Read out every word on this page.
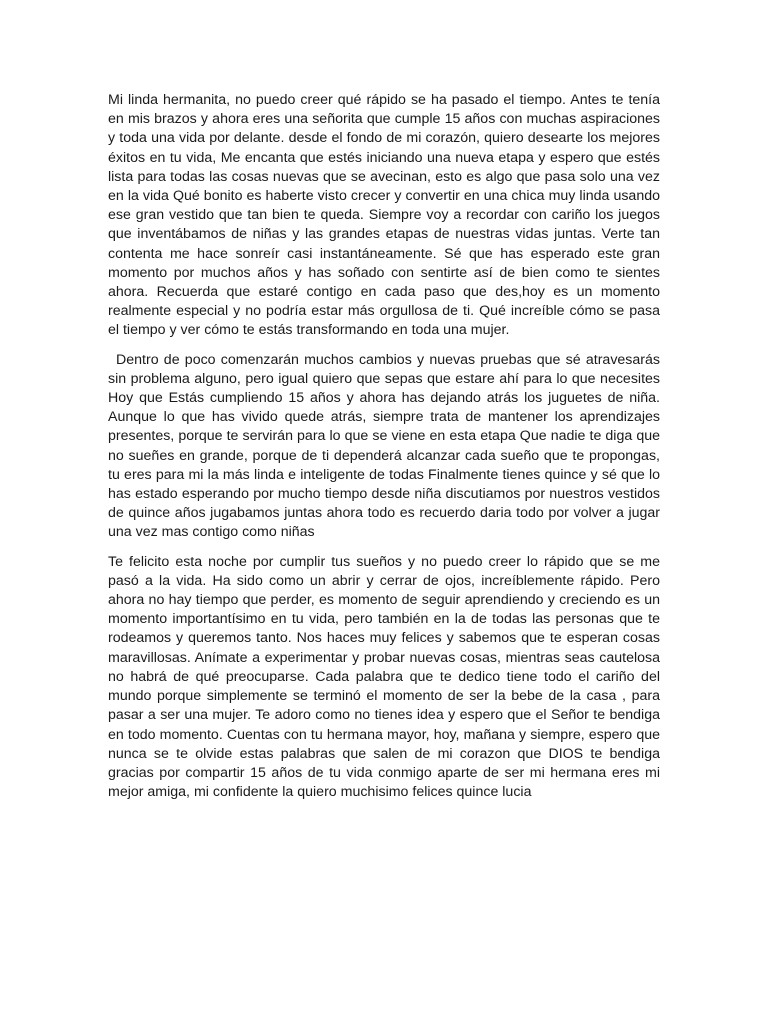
Mi linda hermanita, no puedo creer qué rápido se ha pasado el tiempo. Antes te tenía en mis brazos y ahora eres una señorita que cumple 15 años con muchas aspiraciones y toda una vida por delante. desde el fondo de mi corazón, quiero desearte los mejores éxitos en tu vida, Me encanta que estés iniciando una nueva etapa y espero que estés lista para todas las cosas nuevas que se avecinan, esto es algo que pasa solo una vez en la vida Qué bonito es haberte visto crecer y convertir en una chica muy linda usando ese gran vestido que tan bien te queda. Siempre voy a recordar con cariño los juegos que inventábamos de niñas y las grandes etapas de nuestras vidas juntas. Verte tan contenta me hace sonreír casi instantáneamente. Sé que has esperado este gran momento por muchos años y has soñado con sentirte así de bien como te sientes ahora. Recuerda que estaré contigo en cada paso que des,hoy es un momento realmente especial y no podría estar más orgullosa de ti. Qué increíble cómo se pasa el tiempo y ver cómo te estás transformando en toda una mujer.

Dentro de poco comenzarán muchos cambios y nuevas pruebas que sé atravesarás sin problema alguno, pero igual quiero que sepas que estare ahí para lo que necesites Hoy que Estás cumpliendo 15 años y ahora has dejando atrás los juguetes de niña. Aunque lo que has vivido quede atrás, siempre trata de mantener los aprendizajes presentes, porque te servirán para lo que se viene en esta etapa Que nadie te diga que no sueñes en grande, porque de ti dependerá alcanzar cada sueño que te propongas, tu eres para mi la más linda e inteligente de todas Finalmente tienes quince y sé que lo has estado esperando por mucho tiempo desde niña discutiamos por nuestros vestidos de quince años jugabamos juntas ahora todo es recuerdo daria todo por volver a jugar una vez mas contigo como niñas

Te felicito esta noche por cumplir tus sueños y no puedo creer lo rápido que se me pasó a la vida. Ha sido como un abrir y cerrar de ojos, increíblemente rápido. Pero ahora no hay tiempo que perder, es momento de seguir aprendiendo y creciendo es un momento importantísimo en tu vida, pero también en la de todas las personas que te rodeamos y queremos tanto. Nos haces muy felices y sabemos que te esperan cosas maravillosas. Anímate a experimentar y probar nuevas cosas, mientras seas cautelosa no habrá de qué preocuparse. Cada palabra que te dedico tiene todo el cariño del mundo porque simplemente se terminó el momento de ser la bebe de la casa , para pasar a ser una mujer. Te adoro como no tienes idea y espero que el Señor te bendiga en todo momento. Cuentas con tu hermana mayor, hoy, mañana y siempre, espero que nunca se te olvide estas palabras que salen de mi corazon que DIOS te bendiga gracias por compartir 15 años de tu vida conmigo aparte de ser mi hermana eres mi mejor amiga, mi confidente la quiero muchisimo felices quince lucia
